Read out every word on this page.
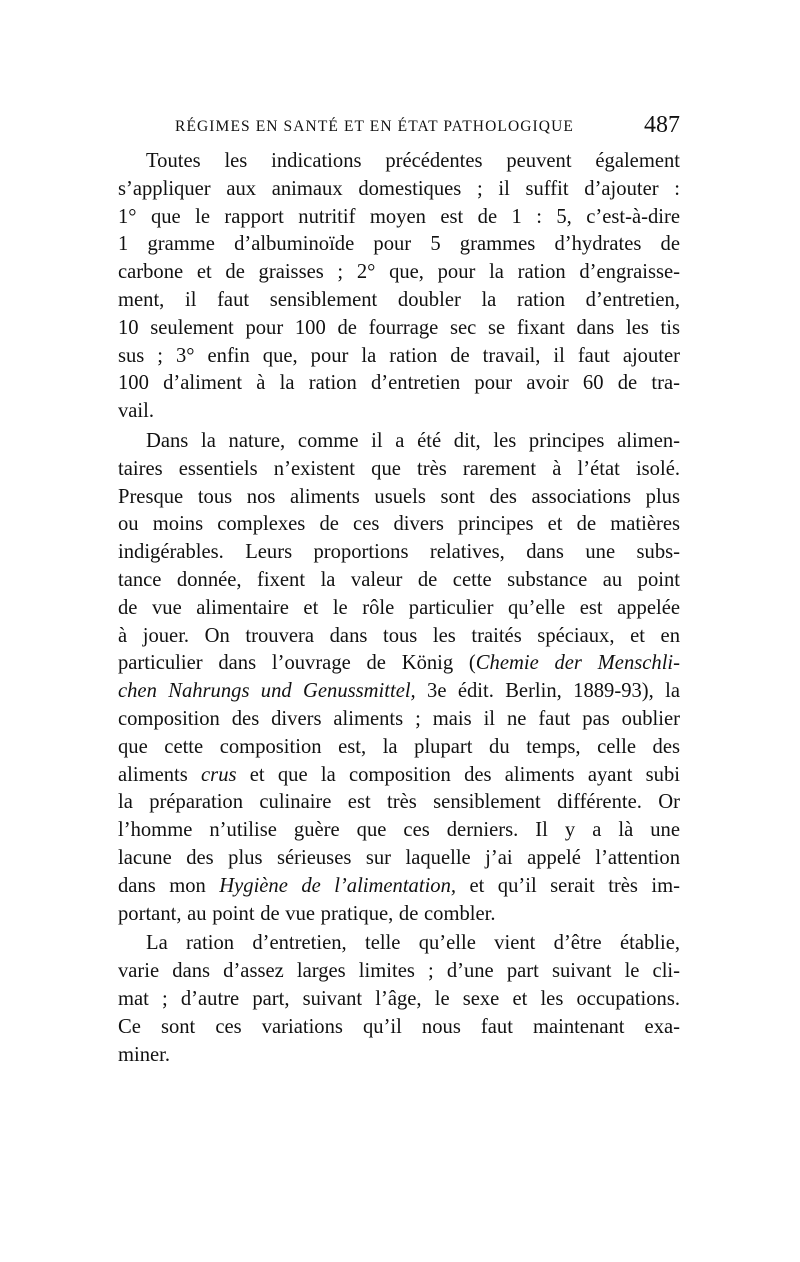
RÉGIMES EN SANTÉ ET EN ÉTAT PATHOLOGIQUE	487
Toutes les indications précédentes peuvent également
s’appliquer aux animaux domestiques ; il suffit d’ajouter :
1° que le rapport nutritif moyen est de 1 : 5, c’est-à-dire
1 gramme d’albuminoïde pour 5 grammes d’hydrates de
carbone et de graisses ; 2° que, pour la ration d’engraisse-
ment, il faut sensiblement doubler la ration d’entretien,
10 seulement pour 100 de fourrage sec se fixant dans les tis
sus ; 3° enfin que, pour la ration de travail, il faut ajouter
100 d’aliment à la ration d’entretien pour avoir 60 de tra-
vail.
Dans la nature, comme il a été dit, les principes alimen-
taires essentiels n’existent que très rarement à l’état isolé.
Presque tous nos aliments usuels sont des associations plus
ou moins complexes de ces divers principes et de matières
indigérables. Leurs proportions relatives, dans une subs-
tance donnée, fixent la valeur de cette substance au point
de vue alimentaire et le rôle particulier qu’elle est appelée
à jouer. On trouvera dans tous les traités spéciaux, et en
particulier dans l’ouvrage de König (Chemie der Menschli-
chen Nahrungs und Genussmittel, 3e édit. Berlin, 1889-93), la
composition des divers aliments ; mais il ne faut pas oublier
que cette composition est, la plupart du temps, celle des
aliments crus et que la composition des aliments ayant subi
la préparation culinaire est très sensiblement différente. Or
l’homme n’utilise guère que ces derniers. Il y a là une
lacune des plus sérieuses sur laquelle j’ai appelé l’attention
dans mon Hygiène de l’alimentation, et qu’il serait très im-
portant, au point de vue pratique, de combler.
La ration d’entretien, telle qu’elle vient d’être établie,
varie dans d’assez larges limites ; d’une part suivant le cli-
mat ; d’autre part, suivant l’âge, le sexe et les occupations.
Ce sont ces variations qu’il nous faut maintenant exa-
miner.
